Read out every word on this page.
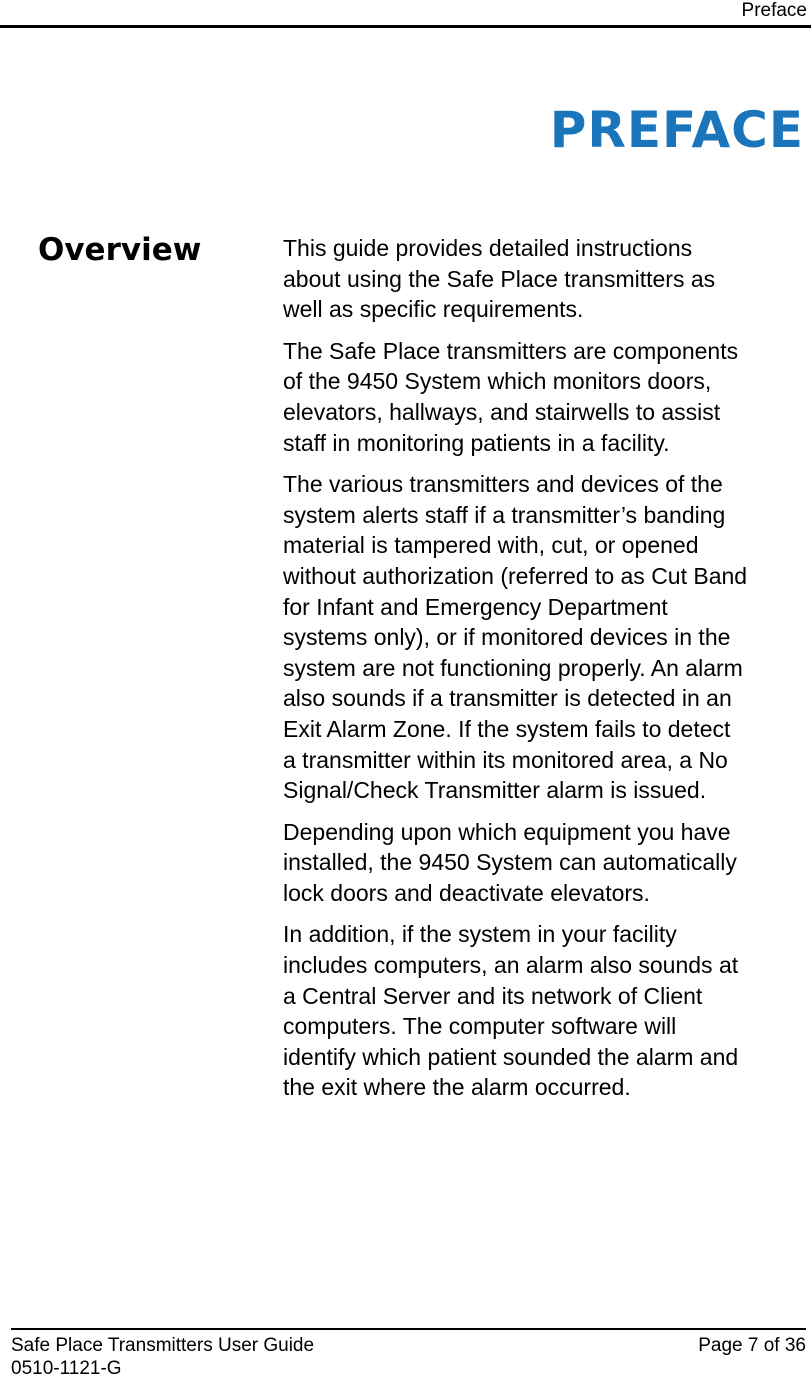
Preface
PREFACE
Overview	This guide provides detailed instructions
about using the Safe Place transmitters as
well as specific requirements.

The Safe Place transmitters are components
of the 9450 System which monitors doors,
elevators, hallways, and stairwells to assist
staff in monitoring patients in a facility.

The various transmitters and devices of the
system alerts staff if a transmitter’s banding
material is tampered with, cut, or opened
without authorization (referred to as Cut Band
for Infant and Emergency Department
systems only), or if monitored devices in the
system are not functioning properly. An alarm
also sounds if a transmitter is detected in an
Exit Alarm Zone. If the system fails to detect
a transmitter within its monitored area, a No
Signal/Check Transmitter alarm is issued.

Depending upon which equipment you have
installed, the 9450 System can automatically
lock doors and deactivate elevators.

In addition, if the system in your facility
includes computers, an alarm also sounds at
a Central Server and its network of Client
computers. The computer software will
identify which patient sounded the alarm and
the exit where the alarm occurred.

Safe Place Transmitters User Guide
0510-1121-G
Page 7 of 36
